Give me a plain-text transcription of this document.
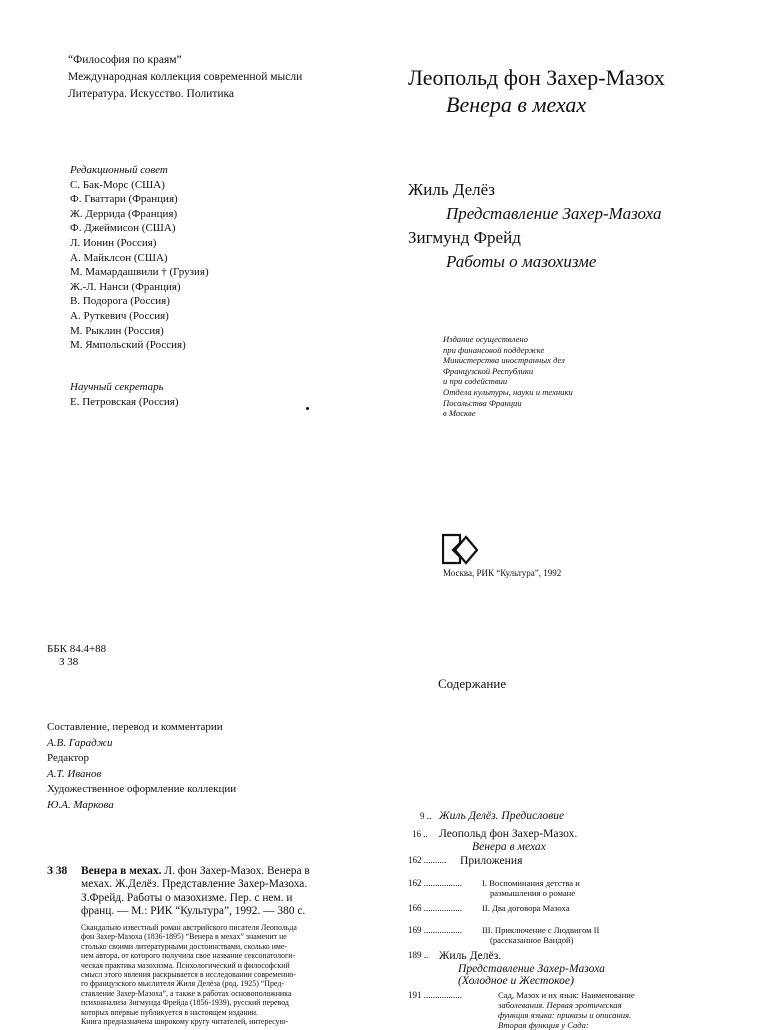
“Философия по краям”
Международная коллекция современной мысли
Литература. Искусство. Политика
Редакционный совет
С. Бак-Морс (США)
Ф. Гваттари (Франция)
Ж. Деррида (Франция)
Ф. Джеймисон (США)
Л. Ионин (Россия)
А. Майклсон (США)
М. Мамардашвили † (Грузия)
Ж.-Л. Нанси (Франция)
В. Подорога (Россия)
А. Руткевич (Россия)
М. Рыклин (Россия)
М. Ямпольский (Россия)
Научный секретарь
Е. Петровская (Россия)
Леопольд фон Захер-Мазох
Венера в мехах
Жиль Делёз
Представление Захер-Мазоха
Зигмунд Фрейд
Работы о мазохизме
Издание осуществлено
при финансовой поддержке
Министерства иностранных дел
Французской Республики
и при содействии
Отдела культуры, науки и техники
Посольства Франции
в Москве
Москва, РИК “Культура”, 1992
ББК 84.4+88
З 38
Составление, перевод и комментарии
А.В. Гараджи
Редактор
А.Т. Иванов
Художественное оформление коллекции
Ю.А. Маркова
З 38 Венера в мехах. Л. фон Захер-Мазох. Венера в
мехах. Ж.Делёз. Представление Захер-Мазоха.
З.Фрейд. Работы о мазохизме. Пер. с нем. и
франц. — М.: РИК “Культура”, 1992. — 380 с.
Скандально известный роман австрийского писателя Леопольда
фон Захер-Мазоха (1836-1895) “Венера в мехах” знаменит не
столько своими литературными достоинствами, сколько име-
нем автора, от которого получила свое название сексопатологи-
ческая практика мазохизма. Психологический и философский
смысл этого явления раскрывается в исследовании современно-
го французского мыслителя Жиля Делёза (род. 1925) “Пред-
ставление Захер-Мазоха”, а также в работах основоположника
психоанализа Зигмунда Фрейда (1856-1939), русский перевод
которых впервые публикуется в настоящем издании.
Книга предназначена широкому кругу читателей, интересую-
Содержание
9 .. Жиль Делёз. Предисловие
16 .. Леопольд фон Захер-Мазох.
Венера в мехах
162 .......... Приложения
162 ................. I. Воспоминания детства и
размышления о романе
166 ................. II. Два договора Мазоха
169 ................. III. Приключение с Людвигом II
(рассказанное Вандой)
189 .. Жиль Делёз.
Представление Захер-Мазоха
(Холодное и Жестокое)
191 .................	Сад, Мазох и их язык: Наименование
заболевания. Первая эротическая
функция языка: приказы и описания.
Вторая функция у Сада:
